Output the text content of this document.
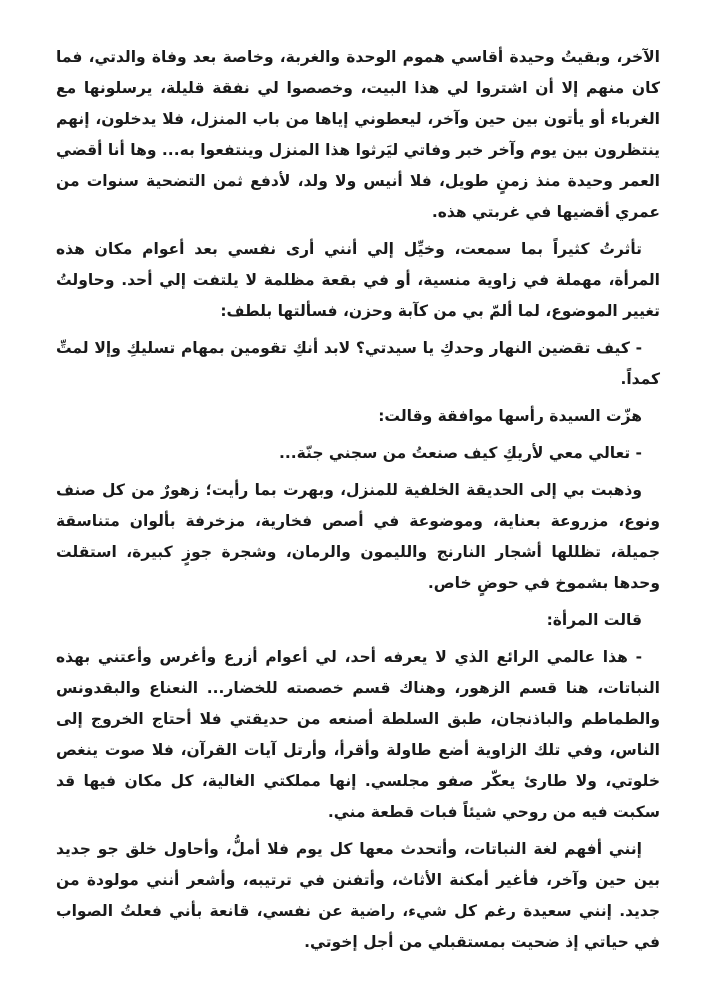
الآخر، وبقيتُ وحيدة أقاسي هموم الوحدة والغربة، وخاصة بعد وفاة والدتي، فما كان منهم إلا أن اشتروا لي هذا البيت، وخصصوا لي نفقة قليلة، يرسلونها مع الغرباء أو يأتون بين حين وآخر، ليعطوني إياها من باب المنزل، فلا يدخلون، إنهم ينتظرون بين يوم وآخر خبر وفاتي ليَرثوا هذا المنزل وينتفعوا به... وها أنا أقضي العمر وحيدة منذ زمنٍ طويل، فلا أنيس ولا ولد، لأدفع ثمن التضحية سنوات من عمري أقضيها في غربتي هذه.

تأثرتُ كثيراً بما سمعت، وخيِّل إلي أنني أرى نفسي بعد أعوام مكان هذه المرأة، مهملة في زاوية منسية، أو في بقعة مظلمة لا يلتفت إلي أحد. وحاولتُ تغيير الموضوع، لما ألمّ بي من كآبة وحزن، فسألتها بلطف:

- كيف تقضين النهار وحدكِ يا سيدتي؟ لابد أنكِ تقومين بمهام تسليكِ وإلا لمتِّ كمداً.

هزّت السيدة رأسها موافقة وقالت:

- تعالي معي لأريكِ كيف صنعتُ من سجني جنّة...

وذهبت بي إلى الحديقة الخلفية للمنزل، وبهرت بما رأيت؛ زهورٌ من كل صنف ونوع، مزروعة بعناية، وموضوعة في أصص فخارية، مزخرفة بألوان متناسقة جميلة، تظللها أشجار النارنج والليمون والرمان، وشجرة جوزٍ كبيرة، استقلت وحدها بشموخ في حوضٍ خاص.

قالت المرأة:

- هذا عالمي الرائع الذي لا يعرفه أحد، لي أعوام أزرع وأغرس وأعتني بهذه النباتات، هنا قسم الزهور، وهناك قسم خصصته للخضار... النعناع والبقدونس والطماطم والباذنجان، طبق السلطة أصنعه من حديقتي فلا أحتاج الخروج إلى الناس، وفي تلك الزاوية أضع طاولة وأقرأ، وأرتل آيات القرآن، فلا صوت ينغص خلوتي، ولا طارئ يعكّر صفو مجلسي. إنها مملكتي الغالية، كل مكان فيها قد سكبت فيه من روحي شيئاً فبات قطعة مني.

إنني أفهم لغة النباتات، وأتحدث معها كل يوم فلا أملُّ، وأحاول خلق جو جديد بين حين وآخر، فأغير أمكنة الأثاث، وأتفنن في ترتيبه، وأشعر أنني مولودة من جديد. إنني سعيدة رغم كل شيء، راضية عن نفسي، قانعة بأني فعلتُ الصواب في حياتي إذ ضحيت بمستقبلي من أجل إخوتي.
